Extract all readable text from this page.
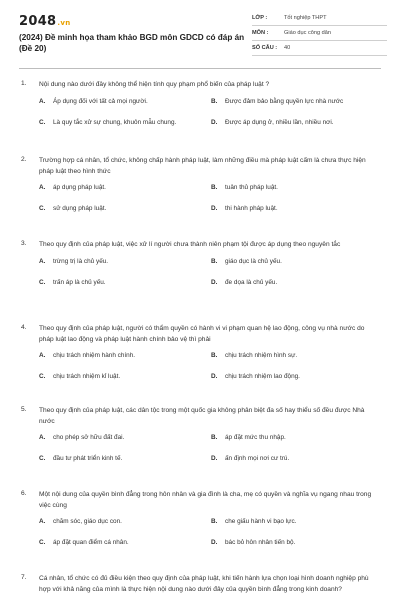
2048.vn
(2024) Đề minh họa tham khảo BGD môn GDCD có đáp án (Đề 20)
LỚP :	Tốt nghiệp THPT
MÔN :	Giáo dục công dân
SỐ CÂU : 40
1. Nội dung nào dưới đây không thể hiện tính quy phạm phổ biến của pháp luật ?
A. Áp dụng đối với tất cả mọi người.	B. Được đảm bảo bằng quyền lực nhà nước
C. Là quy tắc xử sự chung, khuôn mẫu chung.	D. Được áp dụng ở, nhiều lần, nhiều nơi.
2. Trường hợp cá nhân, tổ chức, không chấp hành pháp luật, làm những điều mà pháp luật cấm là chưa thực hiện pháp luật theo hình thức
A. áp dụng pháp luật.	B. tuân thủ pháp luật.
C. sử dụng pháp luật.	D. thi hành pháp luật.
3. Theo quy định của pháp luật, việc xử lí người chưa thành niên phạm tội được áp dụng theo nguyên tắc
A. trừng trị là chủ yếu.	B. giáo dục là chủ yếu.
C. trấn áp là chủ yếu.	D. đe dọa là chủ yếu.
4. Theo quy định của pháp luật, người có thẩm quyền có hành vi vi phạm quan hệ lao động, công vụ nhà nước do pháp luật lao động và pháp luật hành chính bảo vệ thì phải
A. chịu trách nhiệm hành chính.	B. chịu trách nhiệm hình sự.
C. chịu trách nhiệm kỉ luật.	D. chịu trách nhiệm lao động.
5. Theo quy định của pháp luật, các dân tộc trong một quốc gia không phân biệt đa số hay thiểu số đều được Nhà nước
A. cho phép sở hữu đất đai.	B. áp đặt mức thu nhập.
C. đầu tư phát triển kinh tế.	D. ấn định mọi nơi cư trú.
6. Một nội dung của quyền bình đẳng trong hôn nhân và gia đình là cha, mẹ có quyền và nghĩa vụ ngang nhau trong việc cùng
A. chăm sóc, giáo dục con.	B. che giấu hành vi bạo lực.
C. áp đặt quan điểm cá nhân.	D. bác bỏ hôn nhân tiến bộ.
7. Cá nhân, tổ chức có đủ điều kiện theo quy định của pháp luật, khi tiến hành lựa chọn loại hình doanh nghiệp phù hợp với khả năng của mình là thực hiện nội dung nào dưới đây của quyền bình đẳng trong kinh doanh?
